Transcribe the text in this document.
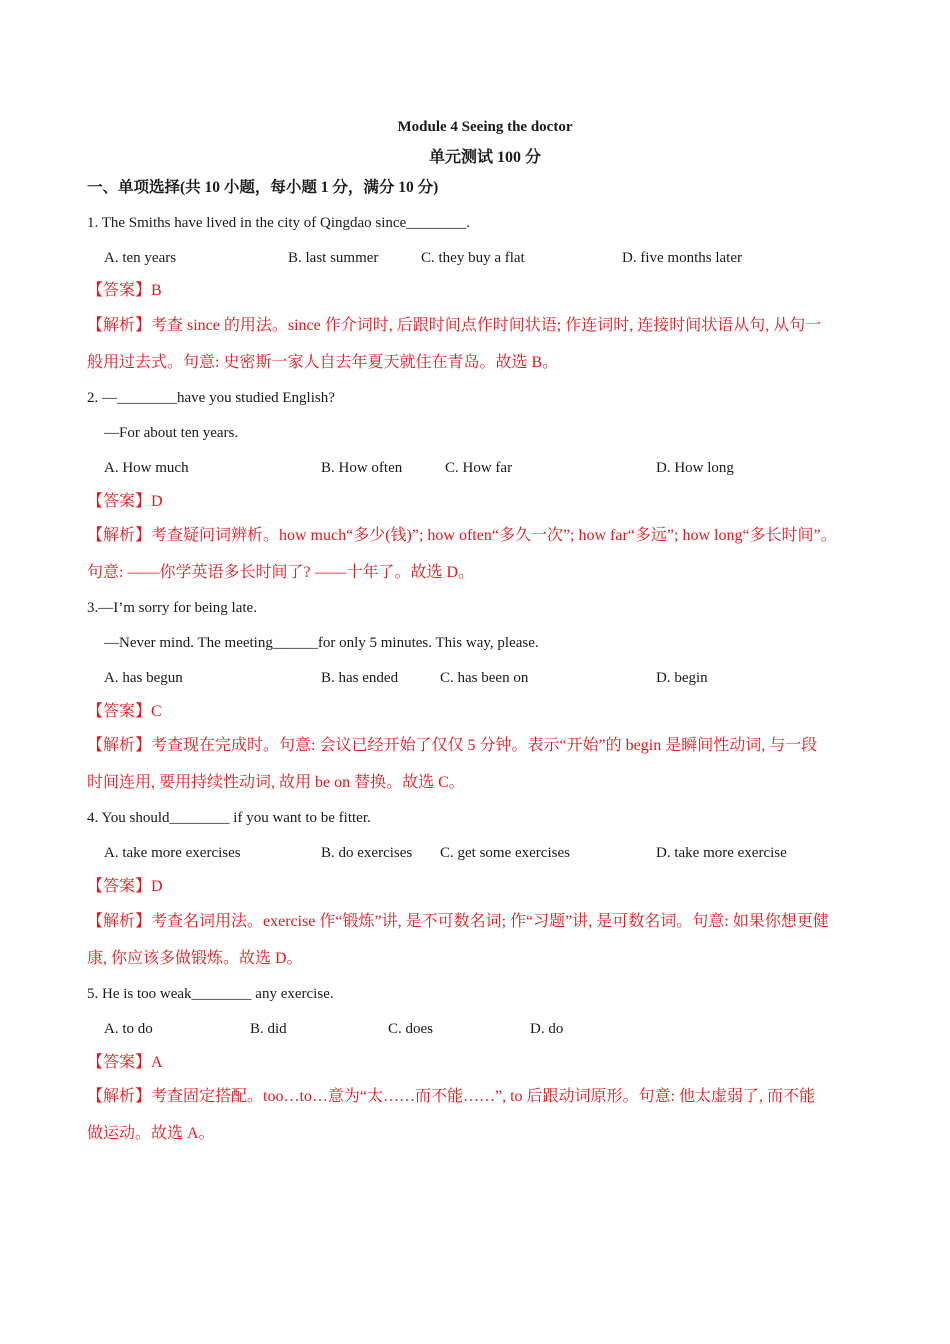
Module 4 Seeing the doctor
单元测试 100 分
一、单项选择(共 10 小题，每小题 1 分，满分 10 分)
1. The Smiths have lived in the city of Qingdao since________.
A. ten years	B. last summer	C. they buy a flat	D. five months later
【答案】B
【解析】考查 since 的用法。since 作介词时, 后跟时间点作时间状语; 作连词时, 连接时间状语从句, 从句一
般用过去式。句意: 史密斯一家人自去年夏天就住在青岛。故选 B。
2. —________have you studied English?
—For about ten years.
A. How much	B. How often	C. How far	D. How long
【答案】D
【解析】考查疑问词辨析。how much“多少(钱)”; how often“多久一次”; how far“多远”; how long“多长时间”。
句意: ——你学英语多长时间了? ——十年了。故选 D。
3.—I’m sorry for being late.
—Never mind. The meeting______for only 5 minutes. This way, please.
A. has begun	B. has ended	C. has been on	D. begin
【答案】C
【解析】考查现在完成时。句意: 会议已经开始了仅仅 5 分钟。表示“开始”的 begin 是瞬间性动词, 与一段
时间连用, 要用持续性动词, 故用 be on 替换。故选 C。
4. You should________ if you want to be fitter.
A. take more exercises	B. do exercises C. get some exercises	D. take more exercise
【答案】D
【解析】考查名词用法。exercise 作“锻炼”讲, 是不可数名词; 作“习题”讲, 是可数名词。句意: 如果你想更健
康, 你应该多做锻炼。故选 D。
5. He is too weak________ any exercise.
A. to do	B. did	C. does	D. do
【答案】A
【解析】考查固定搭配。too…to…意为“太……而不能……”, to 后跟动词原形。句意: 他太虚弱了, 而不能
做运动。故选 A。
